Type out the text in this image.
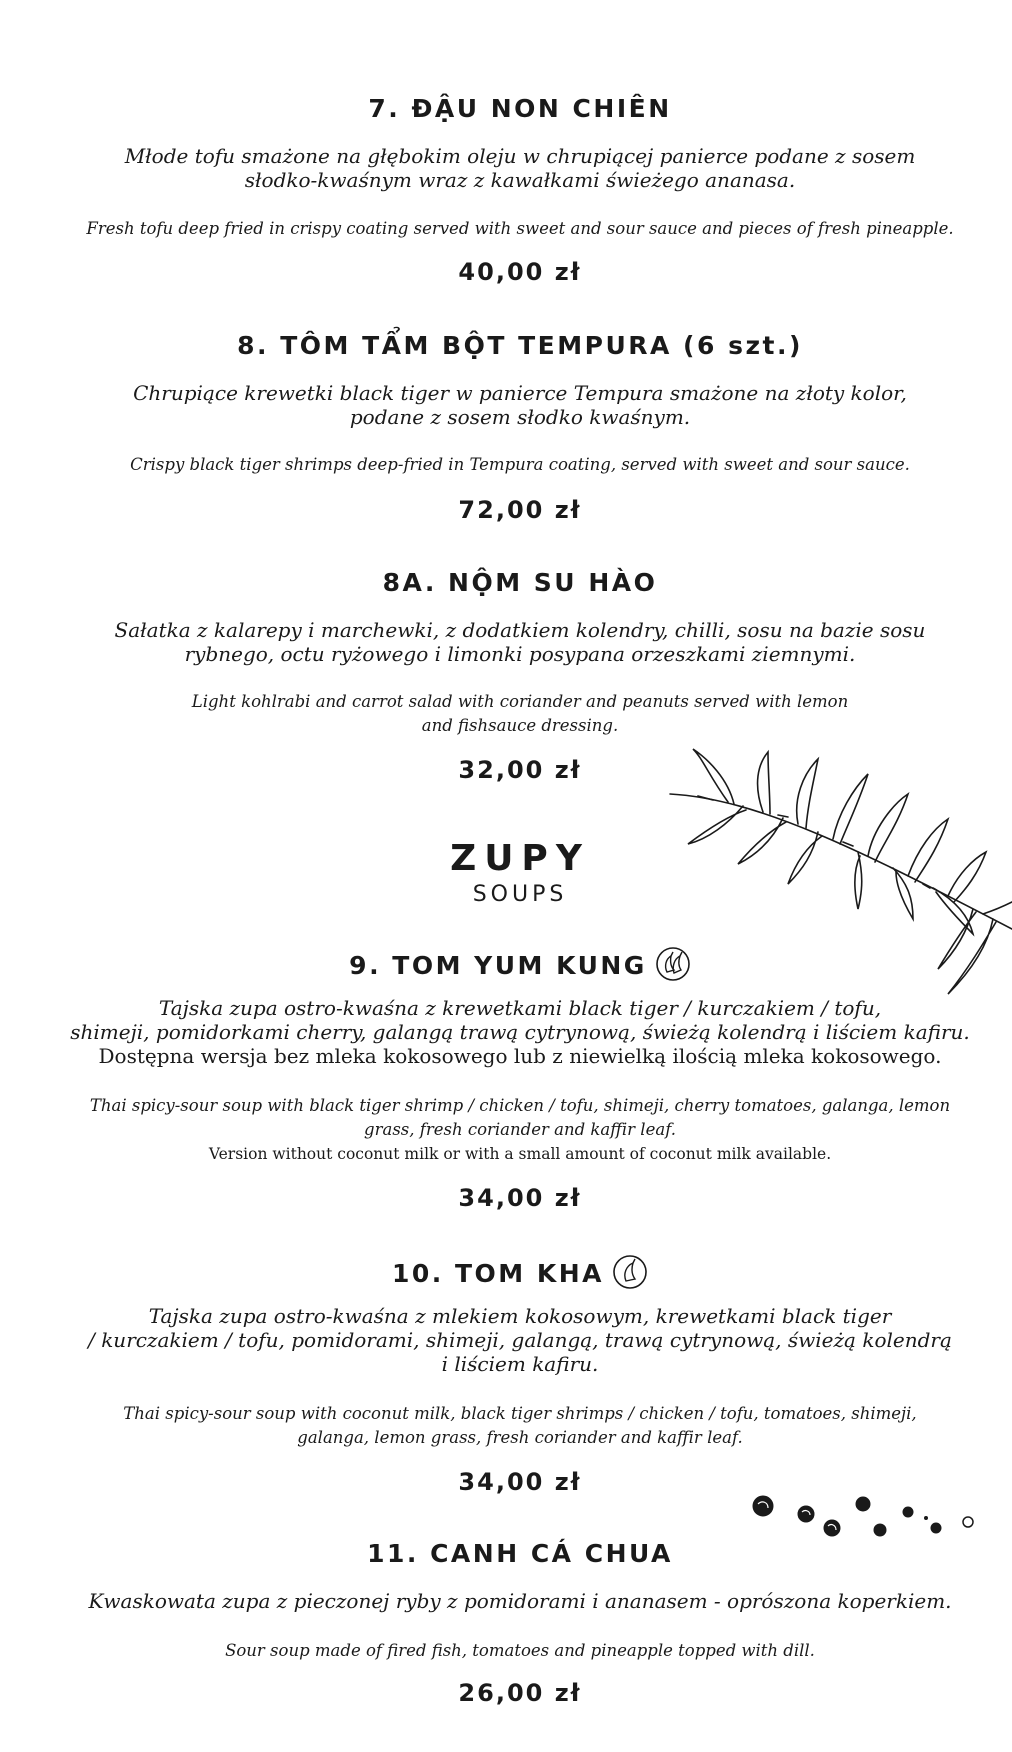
7. ĐẬU NON CHIÊN
Młode tofu smażone na głębokim oleju w chrupiącej panierce podane z sosem
słodko-kwaśnym wraz z kawałkami świeżego ananasa.
Fresh tofu deep fried in crispy coating served with sweet and sour sauce and pieces of fresh pineapple.
40,00 zł
8. TÔM TẨM BỘT TEMPURA (6 szt.)
Chrupiące krewetki black tiger w panierce Tempura smażone na złoty kolor,
podane z sosem słodko kwaśnym.
Crispy black tiger shrimps deep-fried in Tempura coating, served with sweet and sour sauce.
72,00 zł
8A. NỘM SU HÀO
Sałatka z kalarepy i marchewki, z dodatkiem kolendry, chilli, sosu na bazie sosu
rybnego, octu ryżowego i limonki posypana orzeszkami ziemnymi.
Light kohlrabi and carrot salad with coriander and peanuts served with lemon
and fishsauce dressing.
32,00 zł
ZUPY
SOUPS
9. TOM YUM KUNG
Tajska zupa ostro-kwaśna z krewetkami black tiger / kurczakiem / tofu,
shimeji, pomidorkami cherry, galangą trawą cytrynową, świeżą kolendrą i liściem kafiru.
Dostępna wersja bez mleka kokosowego lub z niewielką ilością mleka kokosowego.
Thai spicy-sour soup with black tiger shrimp / chicken / tofu, shimeji, cherry tomatoes, galanga, lemon
grass, fresh coriander and kaffir leaf.
Version without coconut milk or with a small amount of coconut milk available.
34,00 zł
10. TOM KHA
Tajska zupa ostro-kwaśna z mlekiem kokosowym, krewetkami black tiger
/ kurczakiem / tofu, pomidorami, shimeji, galangą, trawą cytrynową, świeżą kolendrą
i liściem kafiru.
Thai spicy-sour soup with coconut milk, black tiger shrimps / chicken / tofu, tomatoes, shimeji,
galanga, lemon grass, fresh coriander and kaffir leaf.
34,00 zł
11. CANH CÁ CHUA
Kwaskowata zupa z pieczonej ryby z pomidorami i ananasem - oprószona koperkiem.
Sour soup made of fired fish, tomatoes and pineapple topped with dill.
26,00 zł
